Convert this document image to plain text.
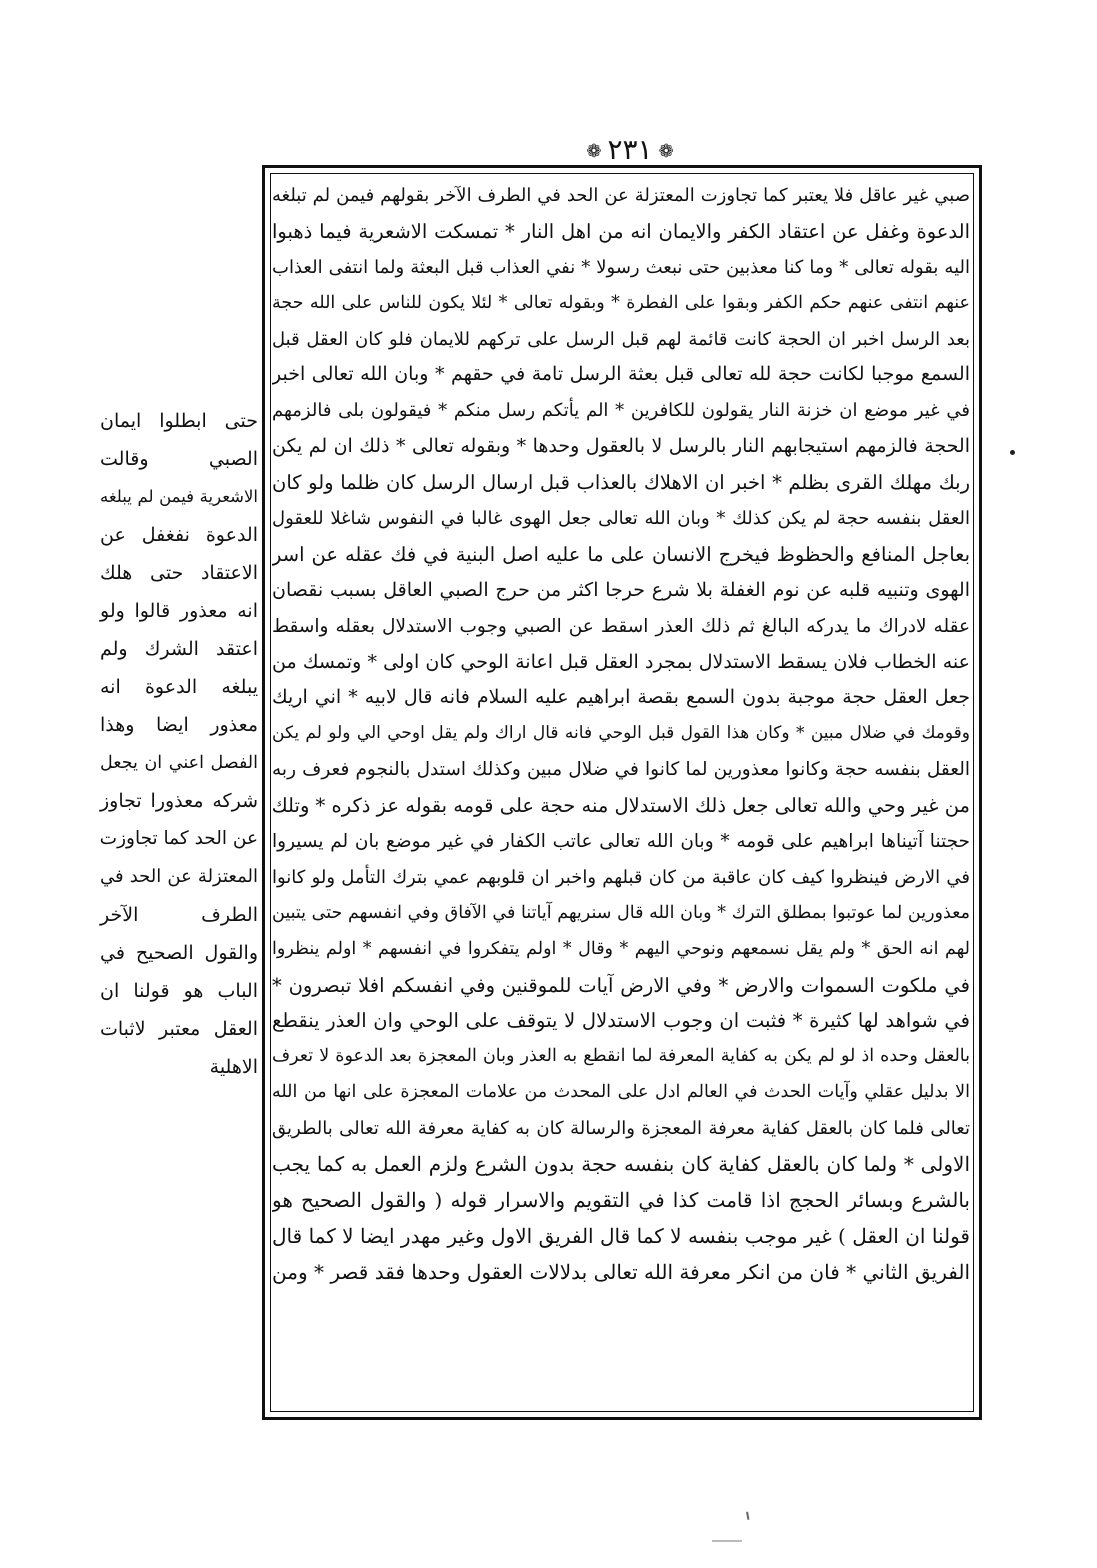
❁ ٢٣١ ❁
صبي غير عاقل فلا يعتبر كما تجاوزت المعتزلة عن الحد في الطرف الآخر بقولهم فيمن لم تبلغه
الدعوة وغفل عن اعتقاد الكفر والايمان انه من اهل النار * تمسكت الاشعرية فيما ذهبوا
اليه بقوله تعالى * وما كنا معذبين حتى نبعث رسولا * نفي العذاب قبل البعثة ولما انتفى العذاب
عنهم انتفى عنهم حكم الكفر وبقوا على الفطرة * وبقوله تعالى * لئلا يكون للناس على الله حجة
بعد الرسل اخبر ان الحجة كانت قائمة لهم قبل الرسل على تركهم للايمان فلو كان العقل قبل
السمع موجبا لكانت حجة لله تعالى قبل بعثة الرسل تامة في حقهم * وبان الله تعالى اخبر
في غير موضع ان خزنة النار يقولون للكافرين * الم يأتكم رسل منكم * فيقولون بلى فالزمهم
الحجة فالزمهم استيجابهم النار بالرسل لا بالعقول وحدها * وبقوله تعالى * ذلك ان لم يكن
ربك مهلك القرى بظلم * اخبر ان الاهلاك بالعذاب قبل ارسال الرسل كان ظلما ولو كان
العقل بنفسه حجة لم يكن كذلك * وبان الله تعالى جعل الهوى غالبا في النفوس شاغلا للعقول
بعاجل المنافع والحظوظ فيخرج الانسان على ما عليه اصل البنية في فك عقله عن اسر
الهوى وتنبيه قلبه عن نوم الغفلة بلا شرع حرجا اكثر من حرج الصبي العاقل بسبب نقصان
عقله لادراك ما يدركه البالغ ثم ذلك العذر اسقط عن الصبي وجوب الاستدلال بعقله واسقط
عنه الخطاب فلان يسقط الاستدلال بمجرد العقل قبل اعانة الوحي كان اولى * وتمسك من
جعل العقل حجة موجبة بدون السمع بقصة ابراهيم عليه السلام فانه قال لابيه * اني اريك
وقومك في ضلال مبين * وكان هذا القول قبل الوحي فانه قال اراك ولم يقل اوحي الي ولو لم يكن
العقل بنفسه حجة وكانوا معذورين لما كانوا في ضلال مبين وكذلك استدل بالنجوم فعرف ربه
من غير وحي والله تعالى جعل ذلك الاستدلال منه حجة على قومه بقوله عز ذكره * وتلك
حجتنا آتيناها ابراهيم على قومه * وبان الله تعالى عاتب الكفار في غير موضع بان لم يسيروا
في الارض فينظروا كيف كان عاقبة من كان قبلهم واخبر ان قلوبهم عمي بترك التأمل ولو كانوا
معذورين لما عوتبوا بمطلق الترك * وبان الله قال سنريهم آياتنا في الآفاق وفي انفسهم حتى يتبين
لهم انه الحق * ولم يقل نسمعهم ونوحي اليهم * وقال * اولم يتفكروا في انفسهم * اولم ينظروا
في ملكوت السموات والارض * وفي الارض آيات للموقنين وفي انفسكم افلا تبصرون *
في شواهد لها كثيرة * فثبت ان وجوب الاستدلال لا يتوقف على الوحي وان العذر ينقطع
بالعقل وحده اذ لو لم يكن به كفاية المعرفة لما انقطع به العذر وبان المعجزة بعد الدعوة لا تعرف
الا بدليل عقلي وآيات الحدث في العالم ادل على المحدث من علامات المعجزة على انها من الله
تعالى فلما كان بالعقل كفاية معرفة المعجزة والرسالة كان به كفاية معرفة الله تعالى بالطريق
الاولى * ولما كان بالعقل كفاية كان بنفسه حجة بدون الشرع ولزم العمل به كما يجب
بالشرع وبسائر الحجج اذا قامت كذا في التقويم والاسرار قوله ( والقول الصحيح هو
قولنا ان العقل ) غير موجب بنفسه لا كما قال الفريق الاول وغير مهدر ايضا لا كما قال
الفريق الثاني * فان من انكر معرفة الله تعالى بدلالات العقول وحدها فقد قصر * ومن
حتى ابطلوا ايمان
الصبي وقالت
الاشعرية فيمن لم يبلغه
الدعوة نفغفل عن
الاعتقاد حتى هلك
انه معذور قالوا ولو
اعتقد الشرك ولم
يبلغه الدعوة انه
معذور ايضا وهذا
الفصل اعني ان يجعل
شركه معذورا تجاوز
عن الحد كما تجاوزت
المعتزلة عن الحد في
الطرف الآخر
والقول الصحيح في
الباب هو قولنا ان
العقل معتبر لاثبات
الاهلية
